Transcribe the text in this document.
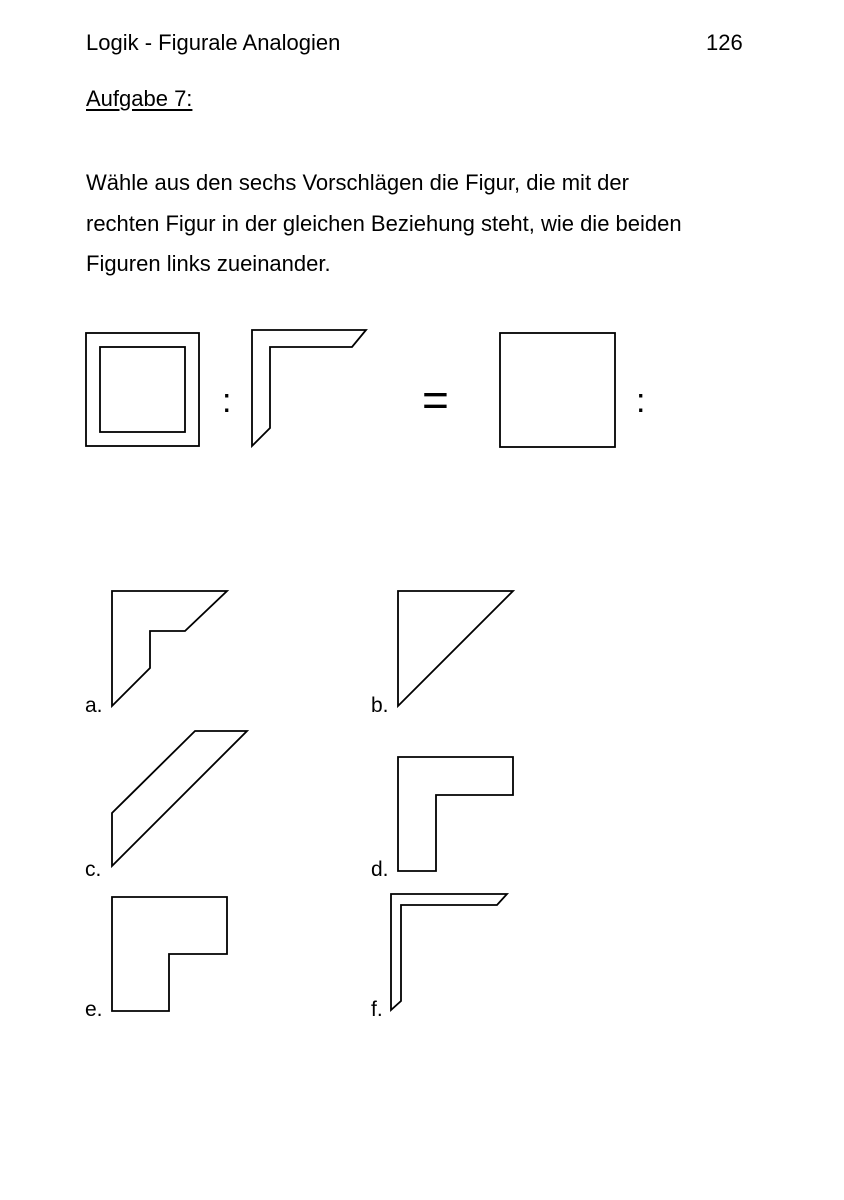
Logik - Figurale Analogien	126
Aufgabe 7:
Wähle aus den sechs Vorschlägen die Figur, die mit der
rechten Figur in der gleichen Beziehung steht, wie die beiden
Figuren links zueinander.
:	=	:
a.	b.
c.	d.
e.	f.
